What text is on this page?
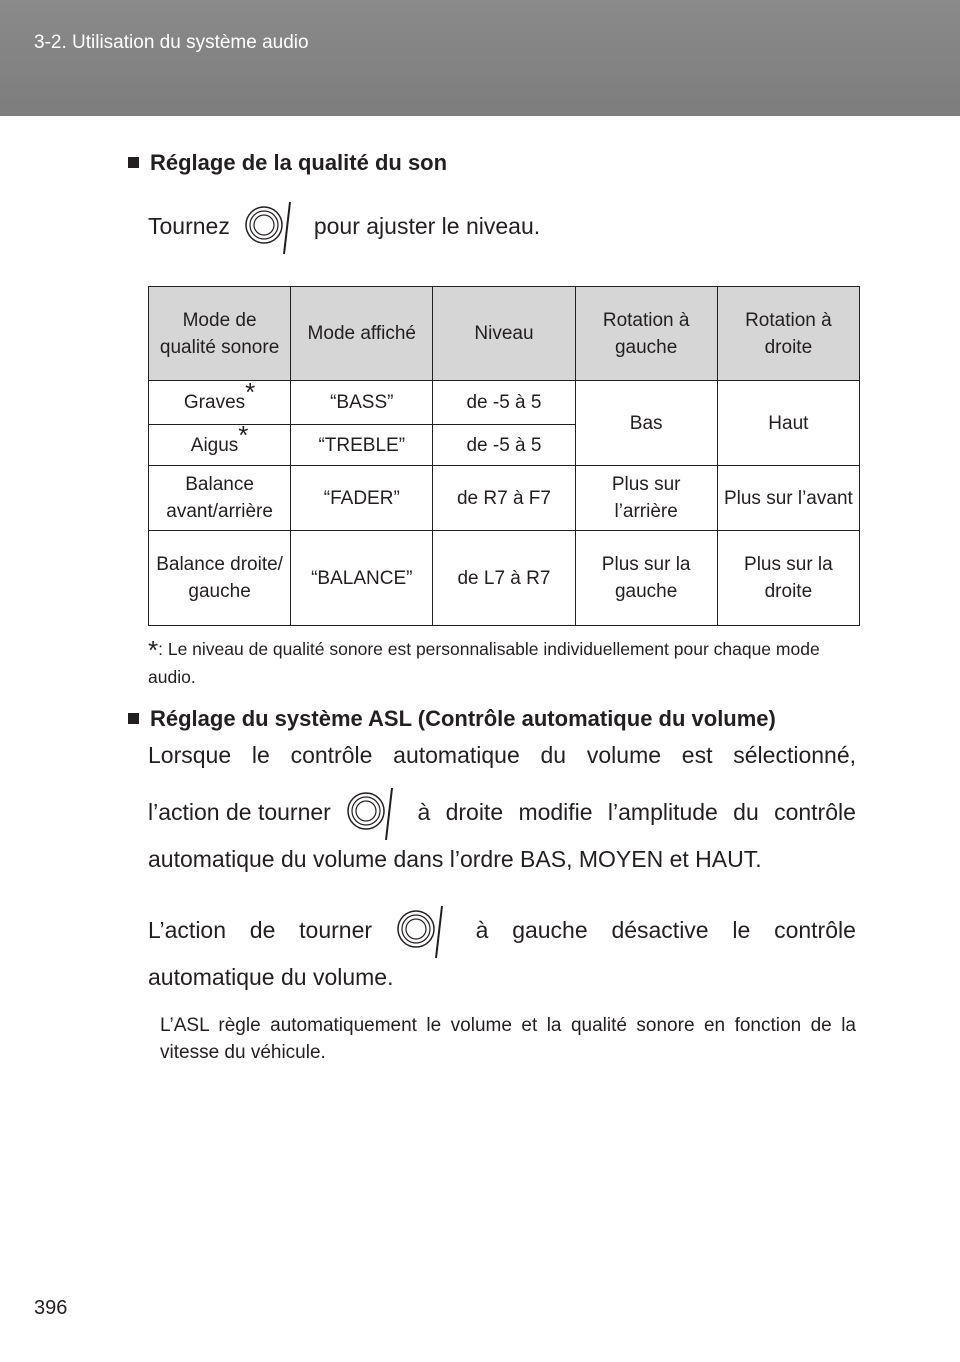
3-2. Utilisation du système audio
Réglage de la qualité du son
Tournez	pour ajuster le niveau.
Mode de qualité sonore	Mode affiché	Niveau	Rotation à gauche	Rotation à droite
Graves*	“BASS”	de -5 à 5	Bas	Haut
Aigus*	“TREBLE”	de -5 à 5		
Balance avant/arrière	“FADER”	de R7 à F7	Plus sur l’arrière	Plus sur l’avant
Balance droite/ gauche	“BALANCE”	de L7 à R7	Plus sur la gauche	Plus sur la droite
*: Le niveau de qualité sonore est personnalisable individuellement pour chaque mode audio.
Réglage du système ASL (Contrôle automatique du volume)
Lorsque le contrôle automatique du volume est sélectionné,
l’action de tourner	à droite modifie l’amplitude du contrôle
automatique du volume dans l’ordre BAS, MOYEN et HAUT.
L’action de tourner	à gauche désactive le contrôle
automatique du volume.
L’ASL règle automatiquement le volume et la qualité sonore en fonction de la vitesse du véhicule.
396
